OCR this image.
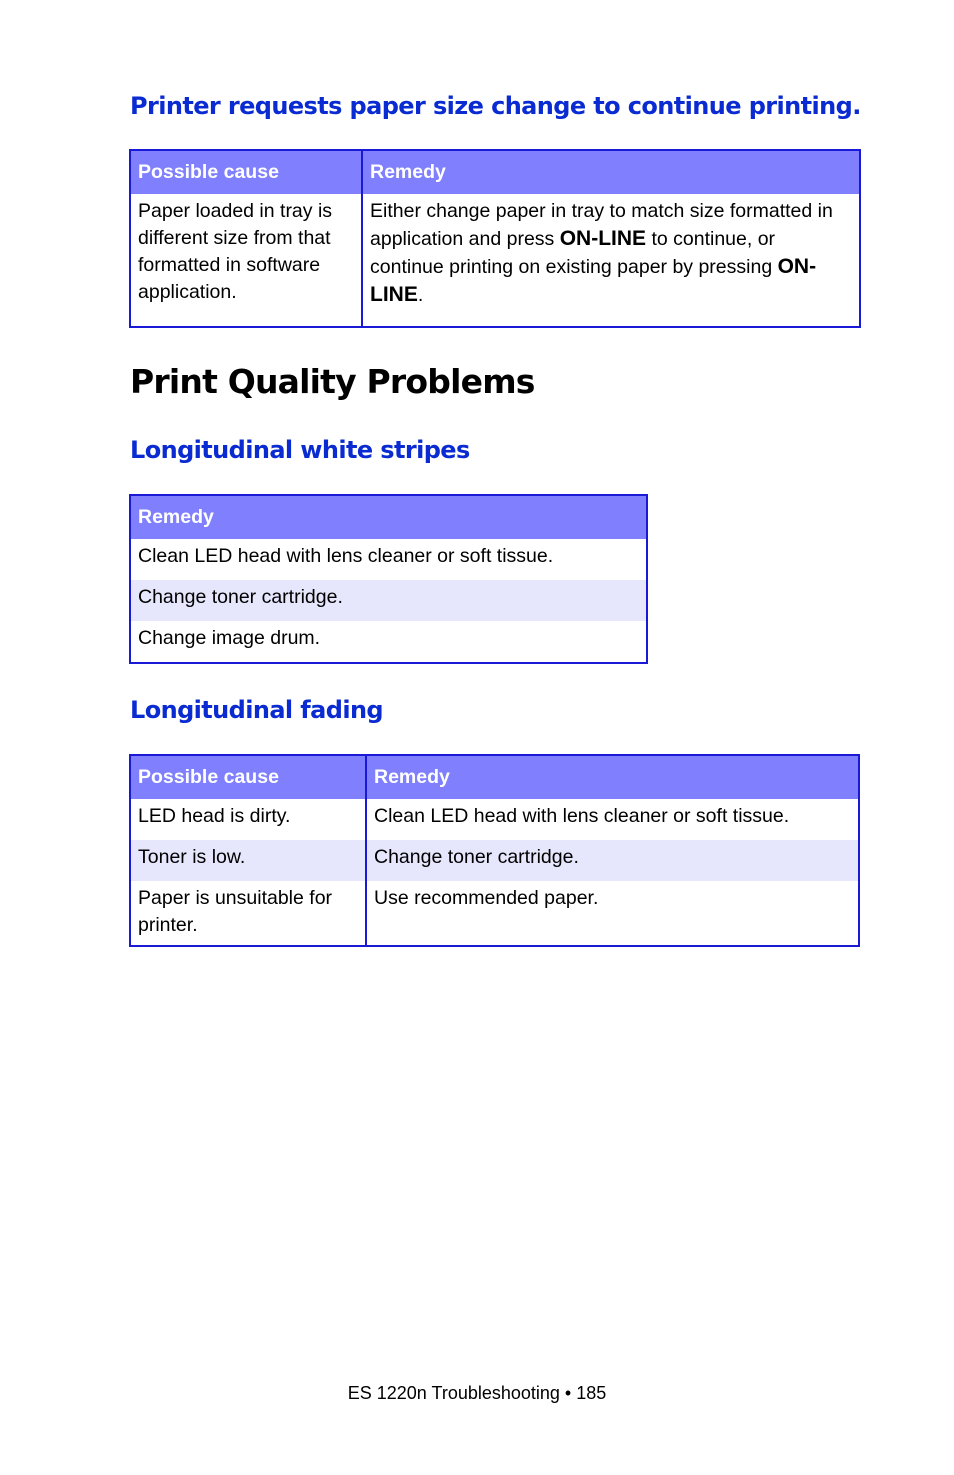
Printer requests paper size change to continue printing.
Possible cause	Remedy
Paper loaded in tray is different size from that formatted in software application.	Either change paper in tray to match size formatted in application and press ON-LINE to continue, or continue printing on existing paper by pressing ON-LINE.
Print Quality Problems
Longitudinal white stripes
Remedy
Clean LED head with lens cleaner or soft tissue.
Change toner cartridge.
Change image drum.
Longitudinal fading
Possible cause	Remedy
LED head is dirty.	Clean LED head with lens cleaner or soft tissue.
Toner is low.	Change toner cartridge.
Paper is unsuitable for printer.	Use recommended paper.
ES 1220n Troubleshooting • 185
